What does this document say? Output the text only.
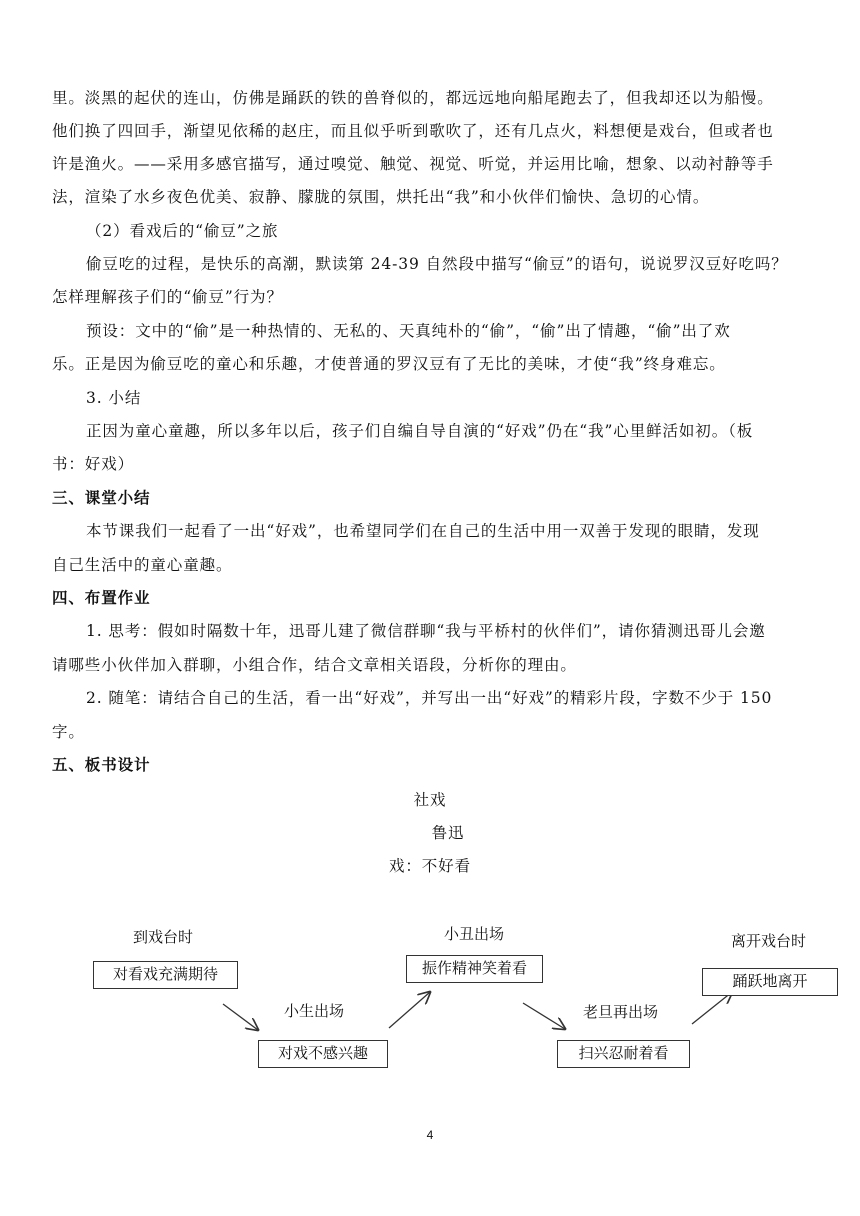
里。淡黑的起伏的连山，仿佛是踊跃的铁的兽脊似的，都远远地向船尾跑去了，但我却还以为船慢。
他们换了四回手，渐望见依稀的赵庄，而且似乎听到歌吹了，还有几点火，料想便是戏台，但或者也
许是渔火。——采用多感官描写，通过嗅觉、触觉、视觉、听觉，并运用比喻，想象、以动衬静等手
法，渲染了水乡夜色优美、寂静、朦胧的氛围，烘托出“我”和小伙伴们愉快、急切的心情。
（2）看戏后的“偷豆”之旅
偷豆吃的过程，是快乐的高潮，默读第 24-39 自然段中描写“偷豆”的语句，说说罗汉豆好吃吗？
怎样理解孩子们的“偷豆”行为？
预设：文中的“偷”是一种热情的、无私的、天真纯朴的“偷”，“偷”出了情趣，“偷”出了欢
乐。正是因为偷豆吃的童心和乐趣，才使普通的罗汉豆有了无比的美味，才使“我”终身难忘。
3. 小结
正因为童心童趣，所以多年以后，孩子们自编自导自演的“好戏”仍在“我”心里鲜活如初。（板
书：好戏）
三、课堂小结
本节课我们一起看了一出“好戏”，也希望同学们在自己的生活中用一双善于发现的眼睛，发现
自己生活中的童心童趣。
四、布置作业
1. 思考：假如时隔数十年，迅哥儿建了微信群聊“我与平桥村的伙伴们”，请你猜测迅哥儿会邀
请哪些小伙伴加入群聊，小组合作，结合文章相关语段，分析你的理由。
2. 随笔：请结合自己的生活，看一出“好戏”，并写出一出“好戏”的精彩片段，字数不少于 150
字。
五、板书设计
社戏
鲁迅
戏：不好看
到戏台时
对看戏充满期待
小生出场
对戏不感兴趣
小丑出场
振作精神笑着看
老旦再出场
扫兴忍耐着看
离开戏台时
踊跃地离开
4
